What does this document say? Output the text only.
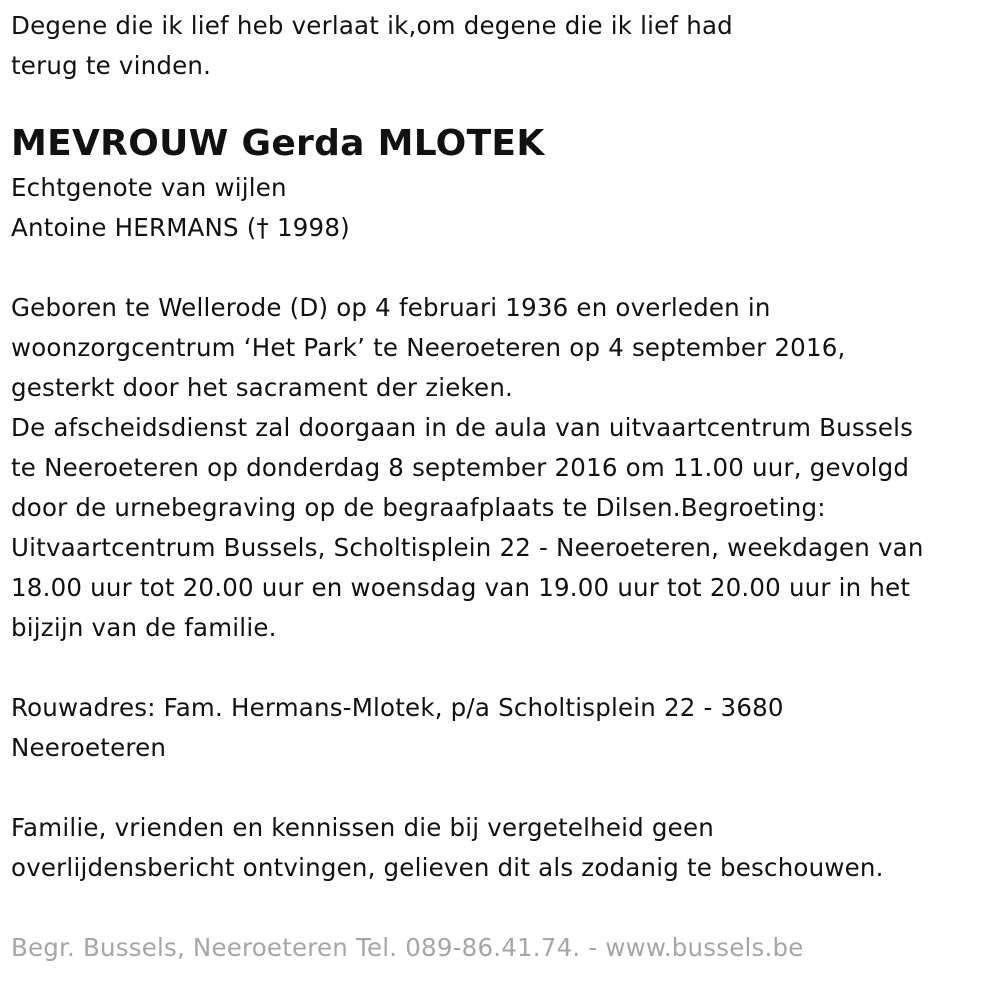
Degene die ik lief heb verlaat ik,om degene die ik lief had
terug te vinden.
MEVROUW Gerda MLOTEK
Echtgenote van wijlen
Antoine HERMANS († 1998)
Geboren te Wellerode (D) op 4 februari 1936 en overleden in
woonzorgcentrum ‘Het Park’ te Neeroeteren op 4 september 2016,
gesterkt door het sacrament der zieken.
De afscheidsdienst zal doorgaan in de aula van uitvaartcentrum Bussels
te Neeroeteren op donderdag 8 september 2016 om 11.00 uur, gevolgd
door de urnebegraving op de begraafplaats te Dilsen.Begroeting:
Uitvaartcentrum Bussels, Scholtisplein 22 - Neeroeteren, weekdagen van
18.00 uur tot 20.00 uur en woensdag van 19.00 uur tot 20.00 uur in het
bijzijn van de familie.
Rouwadres: Fam. Hermans-Mlotek, p/a Scholtisplein 22 - 3680
Neeroeteren
Familie, vrienden en kennissen die bij vergetelheid geen
overlijdensbericht ontvingen, gelieven dit als zodanig te beschouwen.
Begr. Bussels, Neeroeteren Tel. 089-86.41.74. - www.bussels.be
